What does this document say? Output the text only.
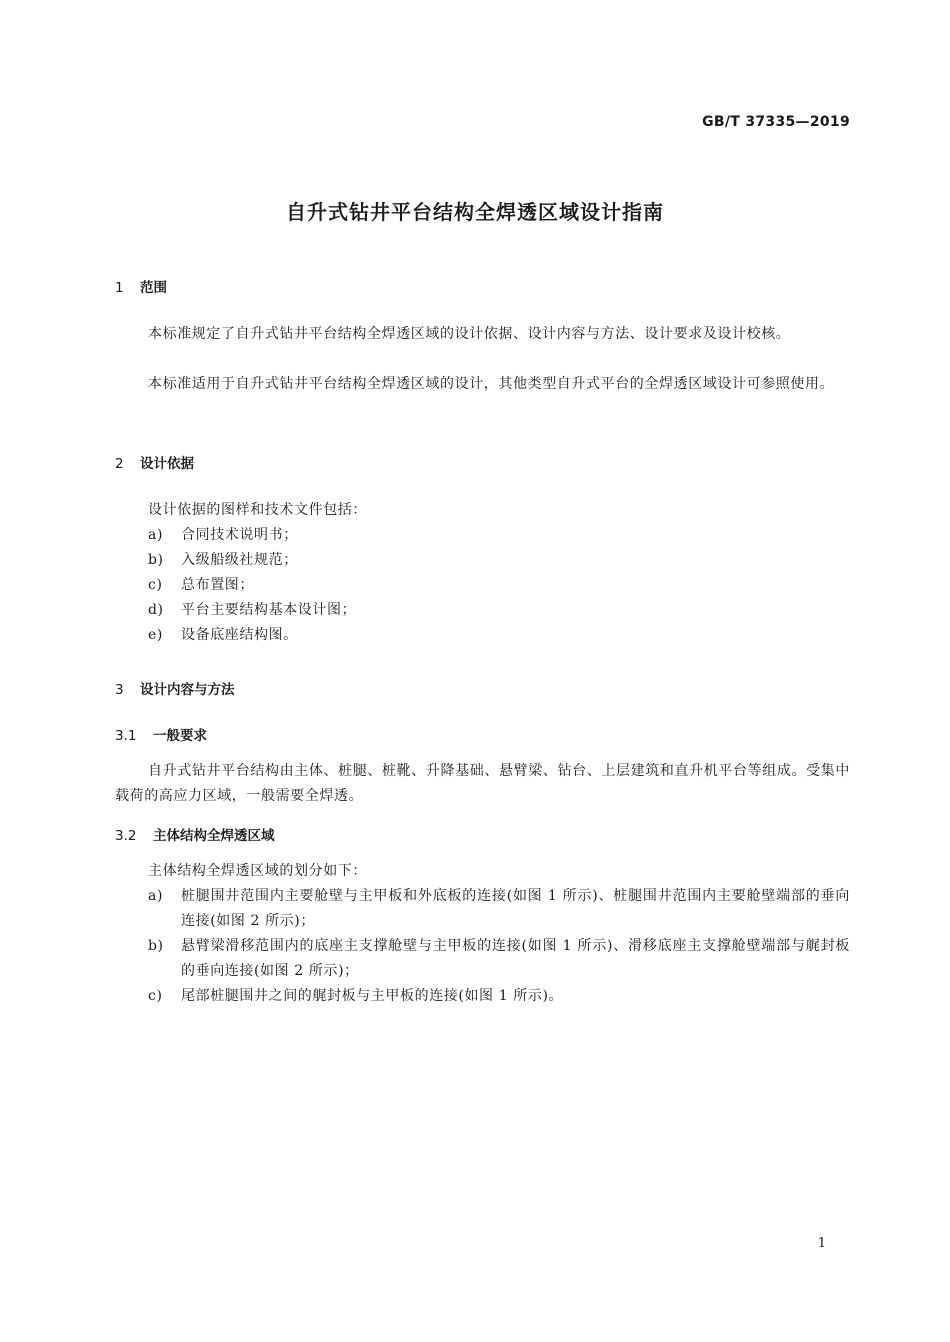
GB/T 37335—2019
自升式钻井平台结构全焊透区域设计指南
1 范围
本标准规定了自升式钻井平台结构全焊透区域的设计依据、设计内容与方法、设计要求及设计校核。
本标准适用于自升式钻井平台结构全焊透区域的设计，其他类型自升式平台的全焊透区域设计可参照使用。
2 设计依据
设计依据的图样和技术文件包括：
a) 合同技术说明书；
b) 入级船级社规范；
c) 总布置图；
d) 平台主要结构基本设计图；
e) 设备底座结构图。
3 设计内容与方法
3.1 一般要求
自升式钻井平台结构由主体、桩腿、桩靴、升降基础、悬臂梁、钻台、上层建筑和直升机平台等组成。受集中载荷的高应力区域，一般需要全焊透。
3.2 主体结构全焊透区域
主体结构全焊透区域的划分如下：
a) 桩腿围井范围内主要舱壁与主甲板和外底板的连接(如图 1 所示)、桩腿围井范围内主要舱壁端部的垂向连接(如图 2 所示)；
b) 悬臂梁滑移范围内的底座主支撑舱壁与主甲板的连接(如图 1 所示)、滑移底座主支撑舱壁端部与艉封板的垂向连接(如图 2 所示)；
c) 尾部桩腿围井之间的艉封板与主甲板的连接(如图 1 所示)。
1
